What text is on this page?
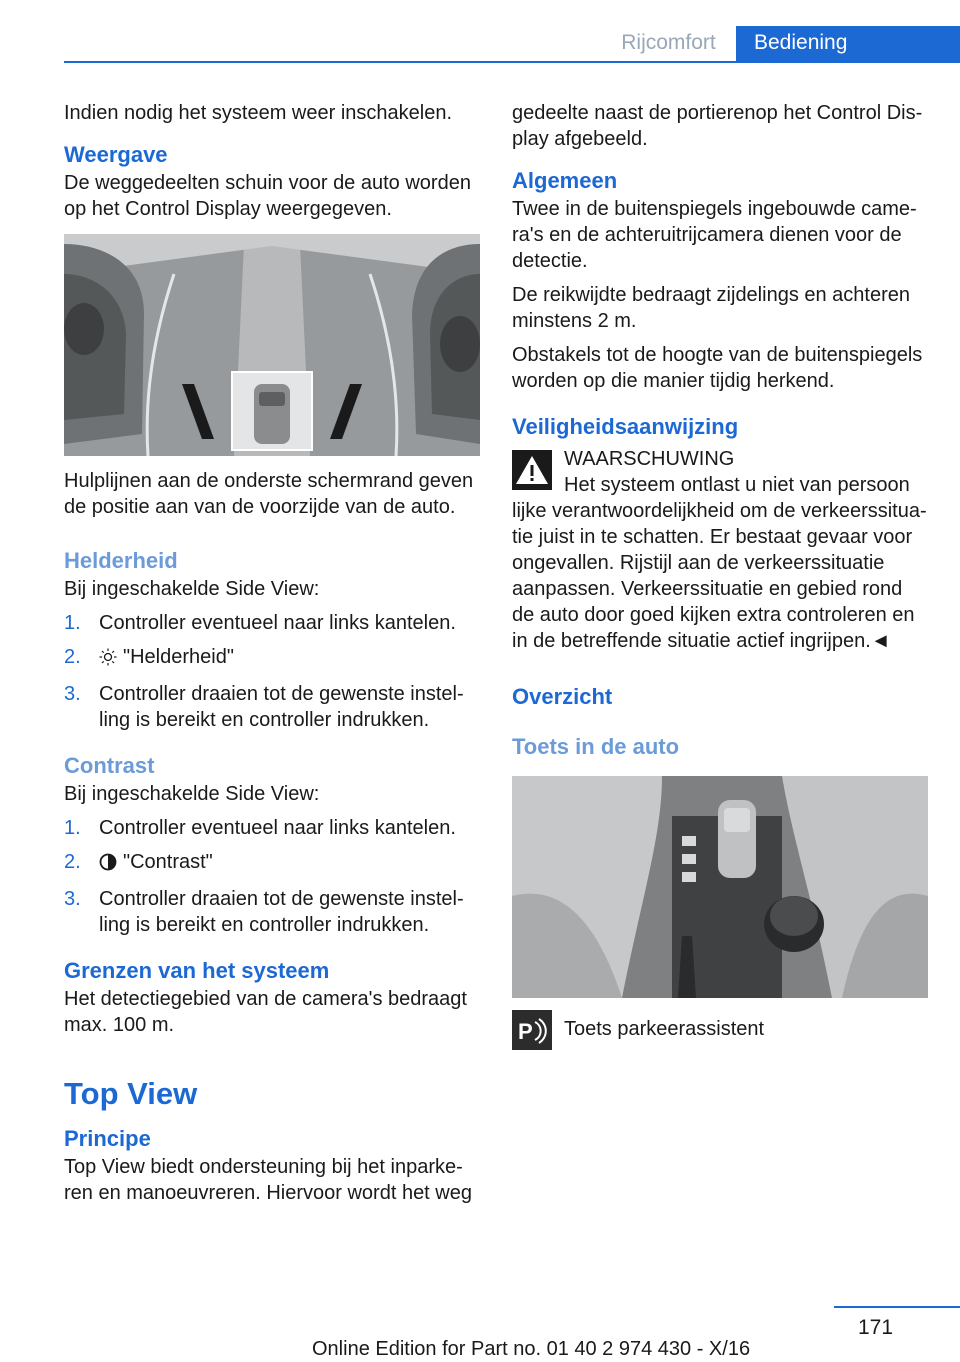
Rijcomfort	Bediening

Indien nodig het systeem weer inschakelen.

Weergave

De weggedeelten schuin voor de auto worden op het Control Display weergegeven.

Hulplijnen aan de onderste schermrand geven de positie aan van de voorzijde van de auto.

Helderheid

Bij ingeschakelde Side View:

1. Controller eventueel naar links kantelen.
2. "Helderheid"
3. Controller draaien tot de gewenste instelling is bereikt en controller indrukken.
Contrast

Bij ingeschakelde Side View:

1. Controller eventueel naar links kantelen.
2. "Contrast"
3. Controller draaien tot de gewenste instelling is bereikt en controller indrukken.
Grenzen van het systeem

Het detectiegebied van de camera's bedraagt max. 100 m.

Top View
Principe

Top View biedt ondersteuning bij het inparkeren en manoeuvreren. Hiervoor wordt het weg

gedeelte naast de portierenop het Control Display afgebeeld.

Algemeen

Twee in de buitenspiegels ingebouwde camera's en de achteruitrijcamera dienen voor de detectie.

De reikwijdte bedraagt zijdelings en achteren minstens 2 m.

Obstakels tot de hoogte van de buitenspiegels worden op die manier tijdig herkend.

Veiligheidsaanwijzing

WAARSCHUWING

Het systeem ontlast u niet van persoon

lijke verantwoordelijkheid om de verkeerssituatie juist in te schatten. Er bestaat gevaar voor ongevallen. Rijstijl aan de verkeerssituatie aanpassen. Verkeerssituatie en gebied rond de auto door goed kijken extra controleren en in de betreffende situatie actief ingrijpen.◄

Overzicht
Toets in de auto
P Toets parkeerassistent

171
Online Edition for Part no. 01 40 2 974 430 - X/16
